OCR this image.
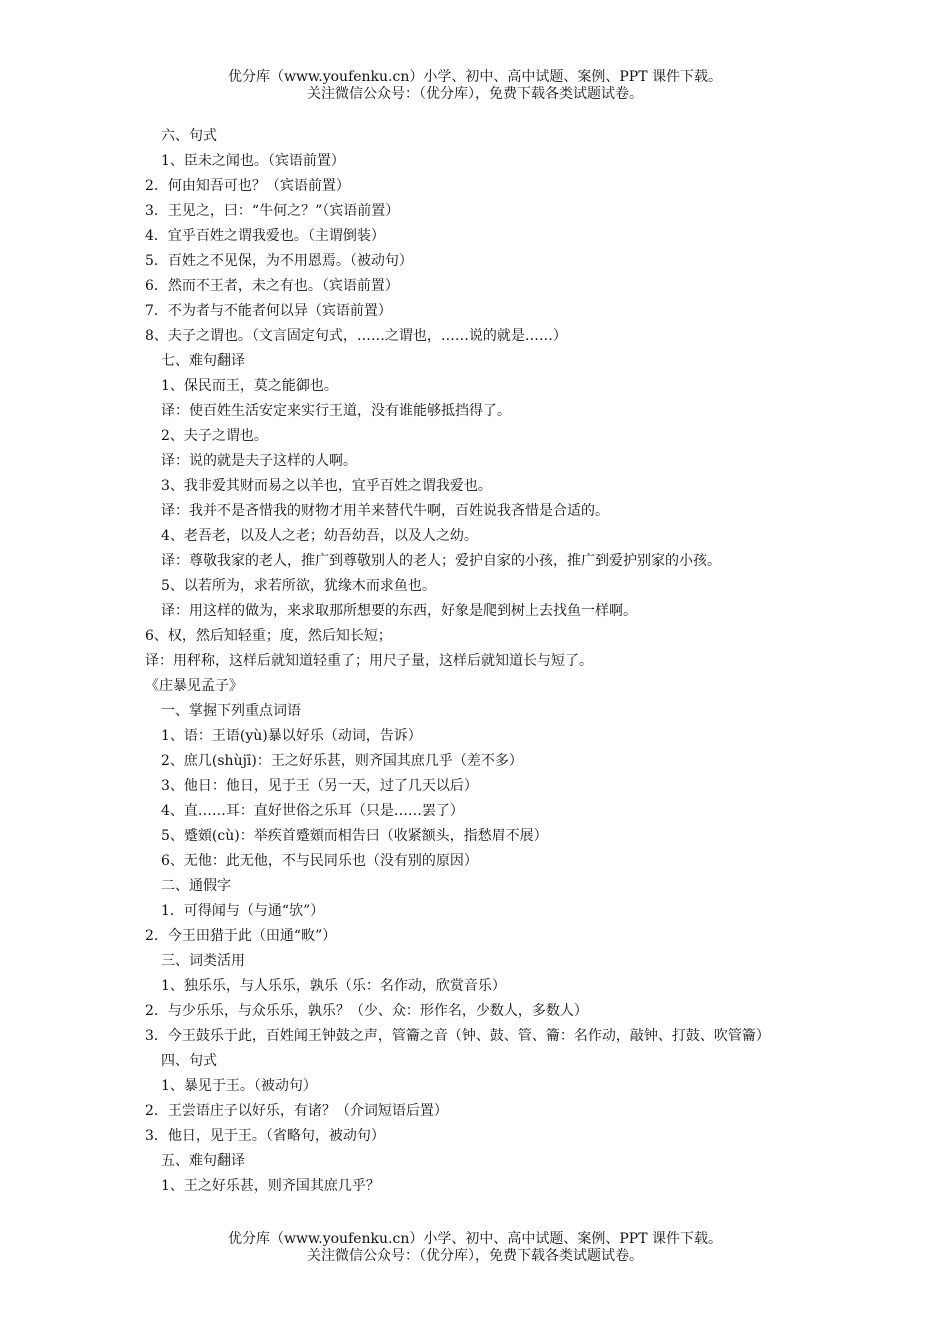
优分库（www.youfenku.cn）小学、初中、高中试题、案例、PPT 课件下载。
关注微信公众号：（优分库），免费下载各类试题试卷。
六、句式
1、臣未之闻也。（宾语前置）
2．何由知吾可也？（宾语前置）
3．王见之，曰：“牛何之？”（宾语前置）
4．宜乎百姓之谓我爱也。（主谓倒装）
5．百姓之不见保，为不用恩焉。（被动句）
6．然而不王者，未之有也。（宾语前置）
7．不为者与不能者何以异（宾语前置）
8、夫子之谓也。（文言固定句式，……之谓也，……说的就是……）
七、难句翻译
1、保民而王，莫之能御也。
译：使百姓生活安定来实行王道，没有谁能够抵挡得了。
2、夫子之谓也。
译：说的就是夫子这样的人啊。
3、我非爱其财而易之以羊也，宜乎百姓之谓我爱也。
译：我并不是吝惜我的财物才用羊来替代牛啊，百姓说我吝惜是合适的。
4、老吾老，以及人之老；幼吾幼吾，以及人之幼。
译：尊敬我家的老人，推广到尊敬别人的老人；爱护自家的小孩，推广到爱护别家的小孩。
5、以若所为，求若所欲，犹缘木而求鱼也。
译：用这样的做为，来求取那所想要的东西，好象是爬到树上去找鱼一样啊。
6、权，然后知轻重；度，然后知长短；
译：用秤称，这样后就知道轻重了；用尺子量，这样后就知道长与短了。
《庄暴见孟子》
一、掌握下列重点词语
1、语：王语(yù)暴以好乐（动词，告诉）
2、庶几(shùjī)：王之好乐甚，则齐国其庶几乎（差不多）
3、他日：他日，见于王（另一天，过了几天以后）
4、直……耳：直好世俗之乐耳（只是……罢了）
5、蹙頞(cù)：举疾首蹙頞而相告曰（收紧额头，指愁眉不展）
6、无他：此无他，不与民同乐也（没有别的原因）
二、通假字
1．可得闻与（与通“欤”）
2．今王田猎于此（田通“畋”）
三、词类活用
1、独乐乐，与人乐乐，孰乐（乐：名作动，欣赏音乐）
2．与少乐乐，与众乐乐，孰乐？（少、众：形作名，少数人，多数人）
3．今王鼓乐于此，百姓闻王钟鼓之声，管籥之音（钟、鼓、管、籥：名作动，敲钟、打鼓、吹管籥）
四、句式
1、暴见于王。（被动句）
2．王尝语庄子以好乐，有诸？（介词短语后置）
3．他日，见于王。（省略句，被动句）
五、难句翻译
1、王之好乐甚，则齐国其庶几乎？
优分库（www.youfenku.cn）小学、初中、高中试题、案例、PPT 课件下载。
关注微信公众号：（优分库），免费下载各类试题试卷。
